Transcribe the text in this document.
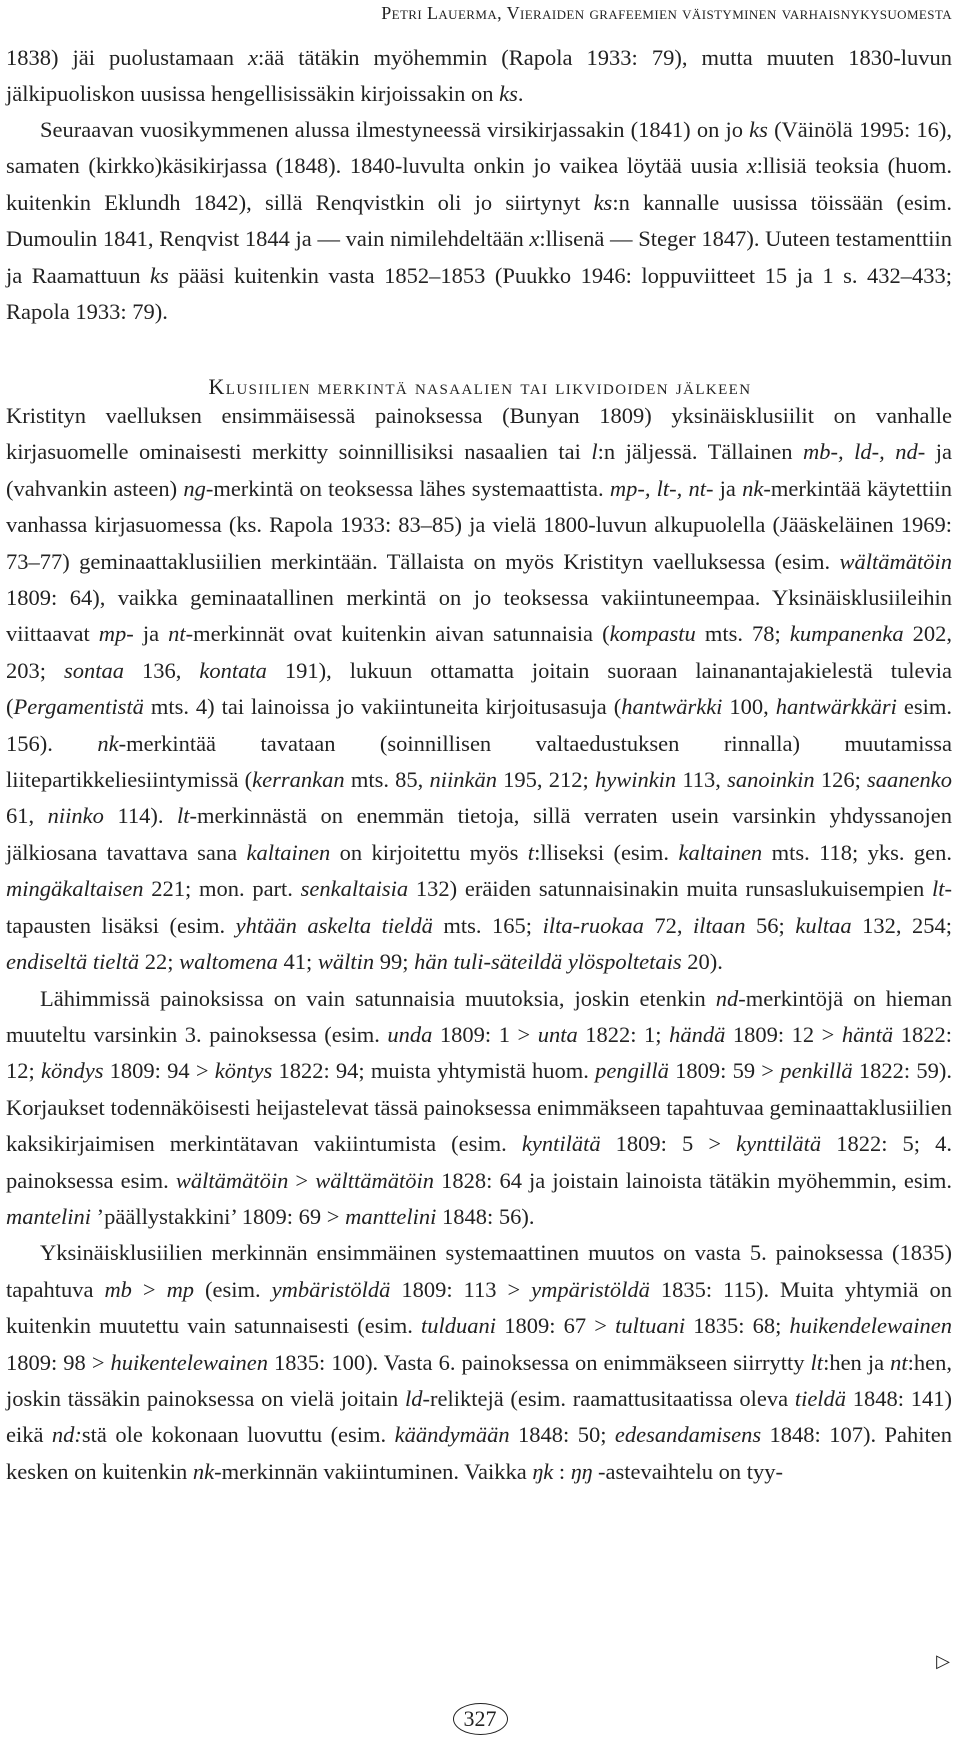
Petri Lauerma, Vieraiden grafeemien väistyminen varhaisnykysuomesta

1838) jäi puolustamaan x:ää tätäkin myöhemmin (Rapola 1933: 79), mutta muuten 1830-luvun jälkipuoliskon uusissa hengellisissäkin kirjoissakin on ks.

Seuraavan vuosikymmenen alussa ilmestyneessä virsikirjassakin (1841) on jo ks (Väinölä 1995: 16), samaten (kirkko)käsikirjassa (1848). 1840-luvulta onkin jo vaikea löytää uusia x:llisiä teoksia (huom. kuitenkin Eklundh 1842), sillä Renqvistkin oli jo siirtynyt ks:n kannalle uusissa töissään (esim. Dumoulin 1841, Renqvist 1844 ja — vain nimilehdeltään x:llisenä — Steger 1847). Uuteen testamenttiin ja Raamattuun ks pääsi kuitenkin vasta 1852–1853 (Puukko 1946: loppuviitteet 15 ja 1 s. 432–433; Rapola 1933: 79).

Klusiilien merkintä nasaalien tai likvidoiden jälkeen

Kristityn vaelluksen ensimmäisessä painoksessa (Bunyan 1809) yksinäisklusiilit on vanhalle kirjasuomelle ominaisesti merkitty soinnillisiksi nasaalien tai l:n jäljessä. Tällainen mb-, ld-, nd- ja (vahvankin asteen) ng-merkintä on teoksessa lähes systemaattista. mp-, lt-, nt- ja nk-merkintää käytettiin vanhassa kirjasuomessa (ks. Rapola 1933: 83–85) ja vielä 1800-luvun alkupuolella (Jääskeläinen 1969: 73–77) geminaattaklusiilien merkintään. Tällaista on myös Kristityn vaelluksessa (esim. wältämätöin 1809: 64), vaikka geminaatallinen merkintä on jo teoksessa vakiintuneempaa. Yksinäisklusiileihin viittaavat mp- ja nt-merkinnät ovat kuitenkin aivan satunnaisia (kompastu mts. 78; kumpanenka 202, 203; sontaa 136, kontata 191), lukuun ottamatta joitain suoraan lainanantajakielestä tulevia (Pergamentistä mts. 4) tai lainoissa jo vakiintuneita kirjoitusasuja (hantwärkki 100, hantwärkkäri esim. 156). nk-merkintää tavataan (soinnillisen valtaedustuksen rinnalla) muutamissa liitepartikkeliesiintymissä (kerrankan mts. 85, niinkän 195, 212; hywinkin 113, sanoinkin 126; saanenko 61, niinko 114). lt-merkinnästä on enemmän tietoja, sillä verraten usein varsinkin yhdyssanojen jälkiosana tavattava sana kaltainen on kirjoitettu myös t:lliseksi (esim. kaltainen mts. 118; yks. gen. mingäkaltaisen 221; mon. part. senkaltaisia 132) eräiden satunnaisinakin muita runsaslukuisempien lt-tapausten lisäksi (esim. yhtään askelta tieldä mts. 165; ilta-ruokaa 72, iltaan 56; kultaa 132, 254; endiseltä tieltä 22; waltomena 41; wältin 99; hän tuli-säteildä ylöspoltetais 20).

Lähimmissä painoksissa on vain satunnaisia muutoksia, joskin etenkin nd-merkintöjä on hieman muuteltu varsinkin 3. painoksessa (esim. unda 1809: 1 > unta 1822: 1; händä 1809: 12 > häntä 1822: 12; köndys 1809: 94 > köntys 1822: 94; muista yhtymistä huom. pengillä 1809: 59 > penkillä 1822: 59). Korjaukset todennäköisesti heijastelevat tässä painoksessa enimmäkseen tapahtuvaa geminaattaklusiilien kaksikirjaimisen merkintätavan vakiintumista (esim. kyntilätä 1809: 5 > kynttilätä 1822: 5; 4. painoksessa esim. wältämätöin > wälttämätöin 1828: 64 ja joistain lainoista tätäkin myöhemmin, esim. mantelini ’päällystakkini’ 1809: 69 > manttelini 1848: 56).

Yksinäisklusiilien merkinnän ensimmäinen systemaattinen muutos on vasta 5. painoksessa (1835) tapahtuva mb > mp (esim. ymbäristöldä 1809: 113 > ympäristöldä 1835: 115). Muita yhtymiä on kuitenkin muutettu vain satunnaisesti (esim. tulduani 1809: 67 > tultuani 1835: 68; huikendelewainen 1809: 98 > huikentelewainen 1835: 100). Vasta 6. painoksessa on enimmäkseen siirrytty lt:hen ja nt:hen, joskin tässäkin painoksessa on vielä joitain ld-reliktejä (esim. raamattusitaatissa oleva tieldä 1848: 141) eikä nd:stä ole kokonaan luovuttu (esim. käändymään 1848: 50; edesandamisens 1848: 107). Pahiten kesken on kuitenkin nk-merkinnän vakiintuminen. Vaikka ŋk : ŋŋ -astevaihtelu on tyy-

▷
327
